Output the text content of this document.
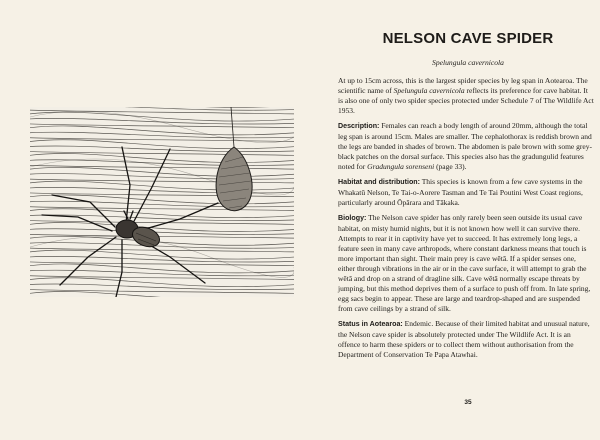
NELSON CAVE SPIDER
Spelungula cavernicola

At up to 15cm across, this is the largest spider species by leg span in Aotearoa. The scientific name of Spelungula cavernicola reflects its preference for cave habitat. It is also one of only two spider species protected under Schedule 7 of The Wildlife Act 1953.

Description: Females can reach a body length of around 20mm, although the total leg span is around 15cm. Males are smaller. The cephalothorax is reddish brown and the legs are banded in shades of brown. The abdomen is pale brown with some grey-black patches on the dorsal surface. This species also has the gradungulid features noted for Gradungula sorenseni (page 33).

Habitat and distribution: This species is known from a few cave systems in the Whakatū Nelson, Te Tai-o-Aorere Tasman and Te Tai Poutini West Coast regions, particularly around Ōpārara and Tākaka.

Biology: The Nelson cave spider has only rarely been seen outside its usual cave habitat, on misty humid nights, but it is not known how well it can survive there. Attempts to rear it in captivity have yet to succeed. It has extremely long legs, a feature seen in many cave arthropods, where constant darkness means that touch is more important than sight. Their main prey is cave wētā. If a spider senses one, either through vibrations in the air or in the cave surface, it will attempt to grab the wētā and drop on a strand of dragline silk. Cave wētā normally escape threats by jumping, but this method deprives them of a surface to push off from. In late spring, egg sacs begin to appear. These are large and teardrop-shaped and are suspended from cave ceilings by a strand of silk.

Status in Aotearoa: Endemic. Because of their limited habitat and unusual nature, the Nelson cave spider is absolutely protected under The Wildlife Act. It is an offence to harm these spiders or to collect them without authorisation from the Department of Conservation Te Papa Atawhai.

35
